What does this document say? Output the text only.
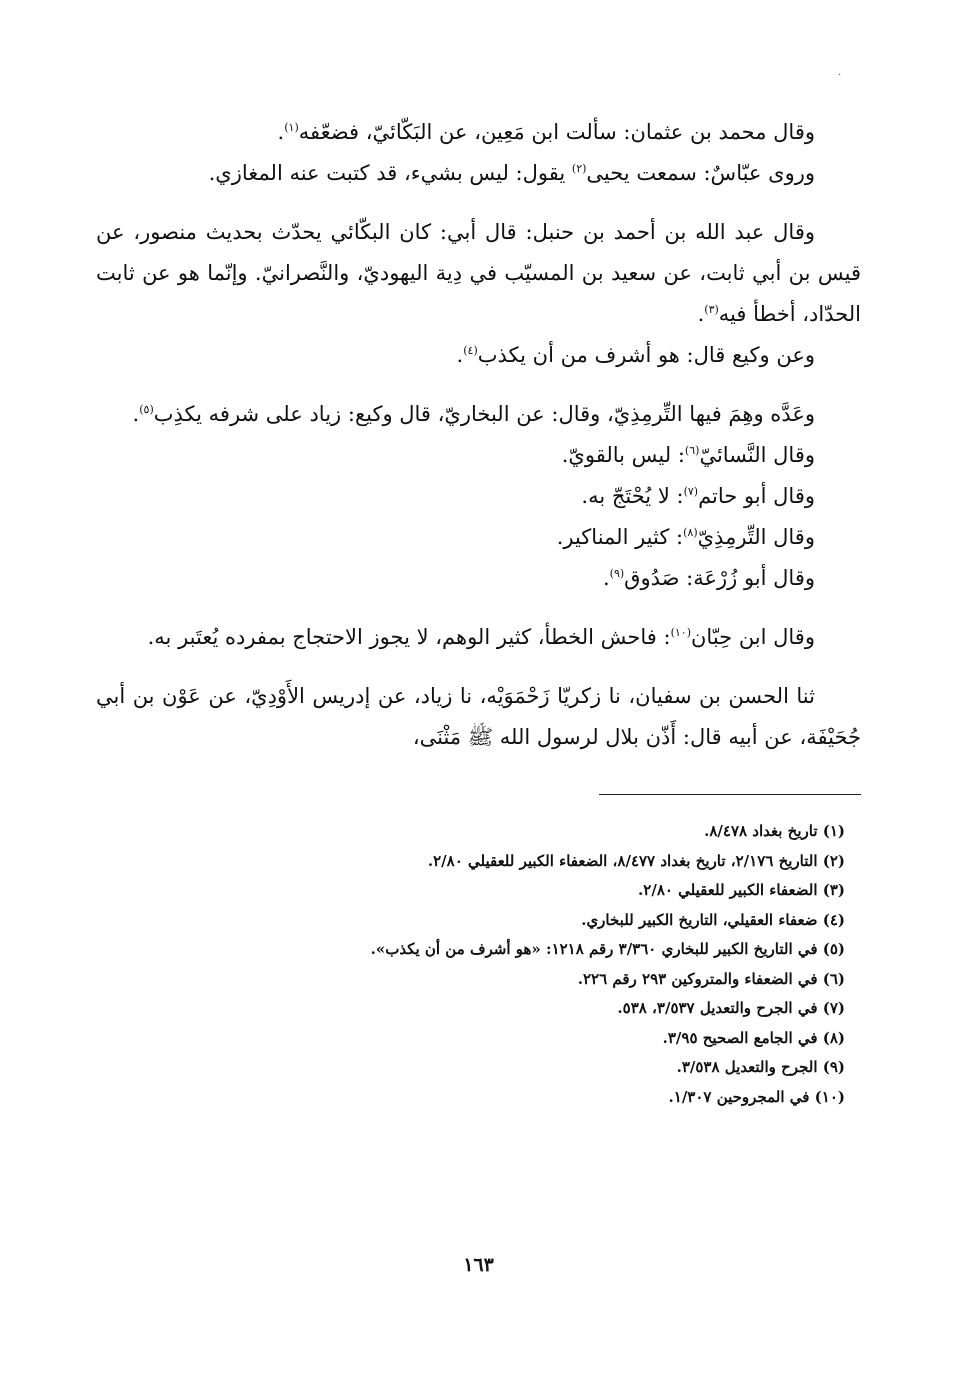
·

وقال محمد بن عثمان: سألت ابن مَعِين، عن البَكّائيّ، فضعّفه$^{(١)}$.

وروى عبّاسٌ: سمعت يحيى$^{(٢)}$ يقول: ليس بشيء، قد كتبت عنه المغازي.

وقال عبد الله بن أحمد بن حنبل: قال أبي: كان البكّائي يحدّث بحديث منصور، عن قيس بن أبي ثابت، عن سعيد بن المسيّب في دِية اليهوديّ، والنَّصرانيّ. وإنّما هو عن ثابت الحدّاد، أخطأ فيه$^{(٣)}$.

وعن وكيع قال: هو أشرف من أن يكذب$^{(٤)}$.

وعَدَّه وهِمَ فيها التِّرمِذِيّ، وقال: عن البخاريّ، قال وكيع: زياد على شرفه يكذِب$^{(٥)}$.

وقال النَّسائيّ$^{(٦)}$: ليس بالقويّ.

وقال أبو حاتم$^{(٧)}$: لا يُحْتَجّ به.

وقال التِّرمِذِيّ$^{(٨)}$: كثير المناكير.

وقال أبو زُرْعَة: صَدُوق$^{(٩)}$.

وقال ابن حِبّان$^{(١٠)}$: فاحش الخطأ، كثير الوهم، لا يجوز الاحتجاج بمفرده يُعتَبر به.

ثنا الحسن بن سفيان، نا زكريّا زَحْمَوَيْه، نا زياد، عن إدريس الأَوْدِيّ، عن عَوْن بن أبي جُحَيْفَة، عن أبيه قال: أَذّن بلال لرسول الله ﷺ مَثْنَى،

(١) تاريخ بغداد ٨/٤٧٨.

(٢) التاريخ ٢/١٧٦، تاريخ بغداد ٨/٤٧٧، الضعفاء الكبير للعقيلي ٢/٨٠.

(٣) الضعفاء الكبير للعقيلي ٢/٨٠.

(٤) ضعفاء العقيلي، التاريخ الكبير للبخاري.

(٥) في التاريخ الكبير للبخاري ٣/٣٦٠ رقم ١٢١٨: «هو أشرف من أن يكذب».

(٦) في الضعفاء والمتروكين ٢٩٣ رقم ٢٢٦.

(٧) في الجرح والتعديل ٣/٥٣٧، ٥٣٨.

(٨) في الجامع الصحيح ٣/٩٥.

(٩) الجرح والتعديل ٣/٥٣٨.

(١٠) في المجروحين ١/٣٠٧.

١٦٣
